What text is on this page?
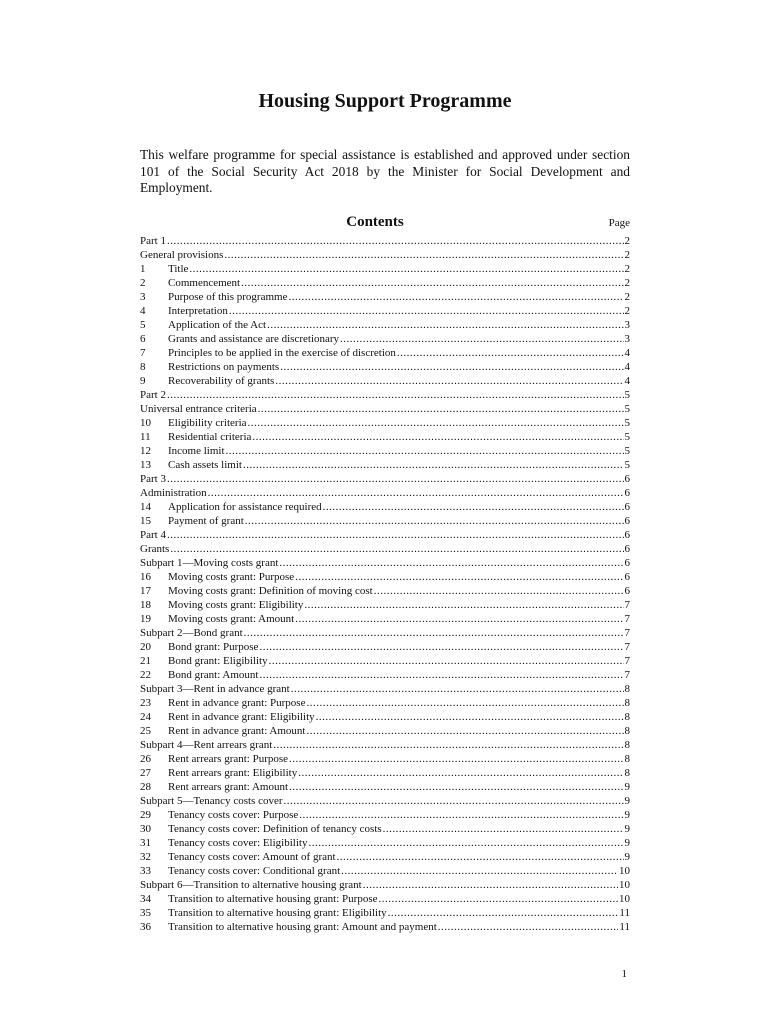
Housing Support Programme
This welfare programme for special assistance is established and approved under section 101 of the Social Security Act 2018 by the Minister for Social Development and Employment.
Contents	Page
Part 1 .....	2
General provisions .....	2
1	Title .....	2
2	Commencement .....	2
3	Purpose of this programme .....	2
4	Interpretation .....	2
5	Application of the Act .....	3
6	Grants and assistance are discretionary .....	3
7	Principles to be applied in the exercise of discretion .....	4
8	Restrictions on payments .....	4
9	Recoverability of grants .....	4
Part 2 .....	5
Universal entrance criteria .....	5
10	Eligibility criteria .....	5
11	Residential criteria .....	5
12	Income limit .....	5
13	Cash assets limit .....	5
Part 3 .....	6
Administration .....	6
14	Application for assistance required .....	6
15	Payment of grant .....	6
Part 4 .....	6
Grants .....	6
Subpart 1—Moving costs grant .....	6
16	Moving costs grant: Purpose .....	6
17	Moving costs grant: Definition of moving cost .....	6
18	Moving costs grant: Eligibility .....	7
19	Moving costs grant: Amount .....	7
Subpart 2—Bond grant .....	7
20	Bond grant: Purpose .....	7
21	Bond grant: Eligibility .....	7
22	Bond grant: Amount .....	7
Subpart 3—Rent in advance grant .....	8
23	Rent in advance grant: Purpose .....	8
24	Rent in advance grant: Eligibility .....	8
25	Rent in advance grant: Amount .....	8
Subpart 4—Rent arrears grant .....	8
26	Rent arrears grant: Purpose .....	8
27	Rent arrears grant: Eligibility .....	8
28	Rent arrears grant: Amount .....	9
Subpart 5—Tenancy costs cover .....	9
29	Tenancy costs cover: Purpose .....	9
30	Tenancy costs cover: Definition of tenancy costs .....	9
31	Tenancy costs cover: Eligibility .....	9
32	Tenancy costs cover: Amount of grant .....	9
33	Tenancy costs cover: Conditional grant .....	10
Subpart 6—Transition to alternative housing grant .....	10
34	Transition to alternative housing grant: Purpose .....	10
35	Transition to alternative housing grant: Eligibility .....	11
36	Transition to alternative housing grant: Amount and payment .....	11
1
